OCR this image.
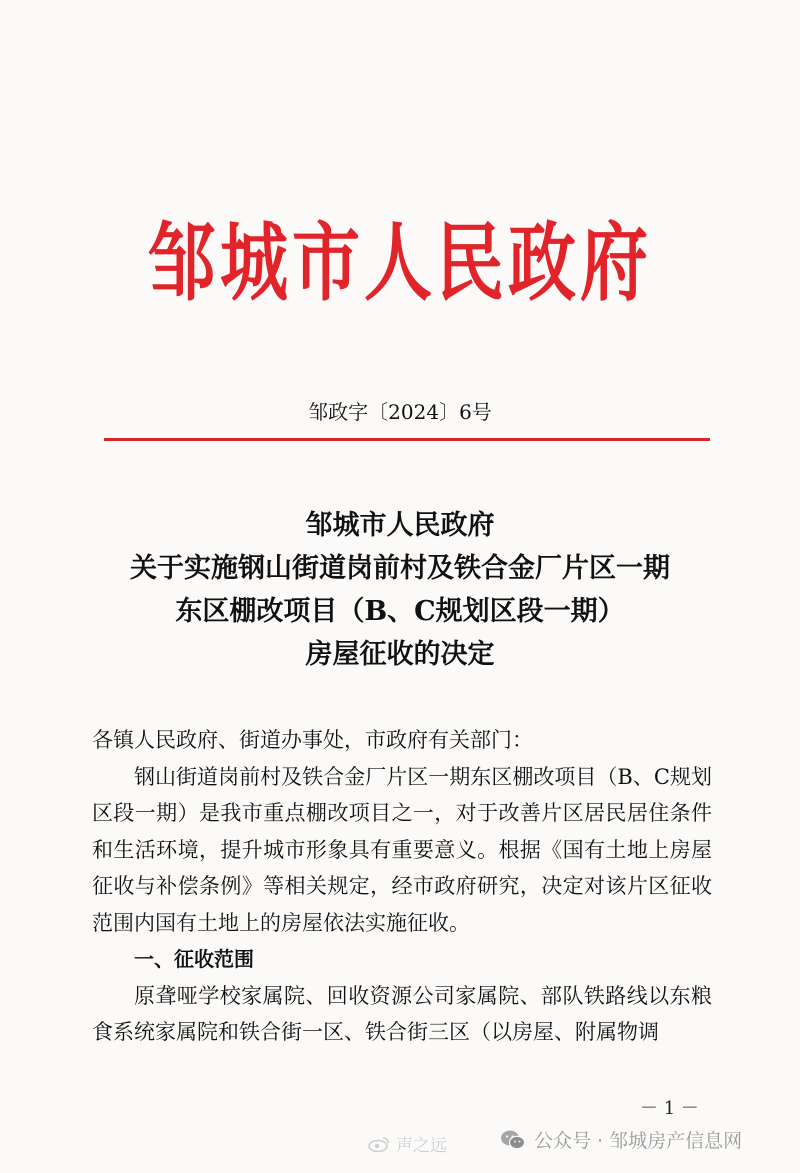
邹城市人民政府
邹政字〔2024〕6号
邹城市人民政府
关于实施钢山街道岗前村及铁合金厂片区一期
东区棚改项目（B、C规划区段一期）
房屋征收的决定

各镇人民政府、街道办事处，市政府有关部门：

钢山街道岗前村及铁合金厂片区一期东区棚改项目（B、C规划区段一期）是我市重点棚改项目之一，对于改善片区居民居住条件和生活环境，提升城市形象具有重要意义。根据《国有土地上房屋征收与补偿条例》等相关规定，经市政府研究，决定对该片区征收范围内国有土地上的房屋依法实施征收。

一、征收范围

原聋哑学校家属院、回收资源公司家属院、部队铁路线以东粮食系统家属院和铁合街一区、铁合街三区（以房屋、附属物调

－ 1 －
声之远	公众号 · 邹城房产信息网
